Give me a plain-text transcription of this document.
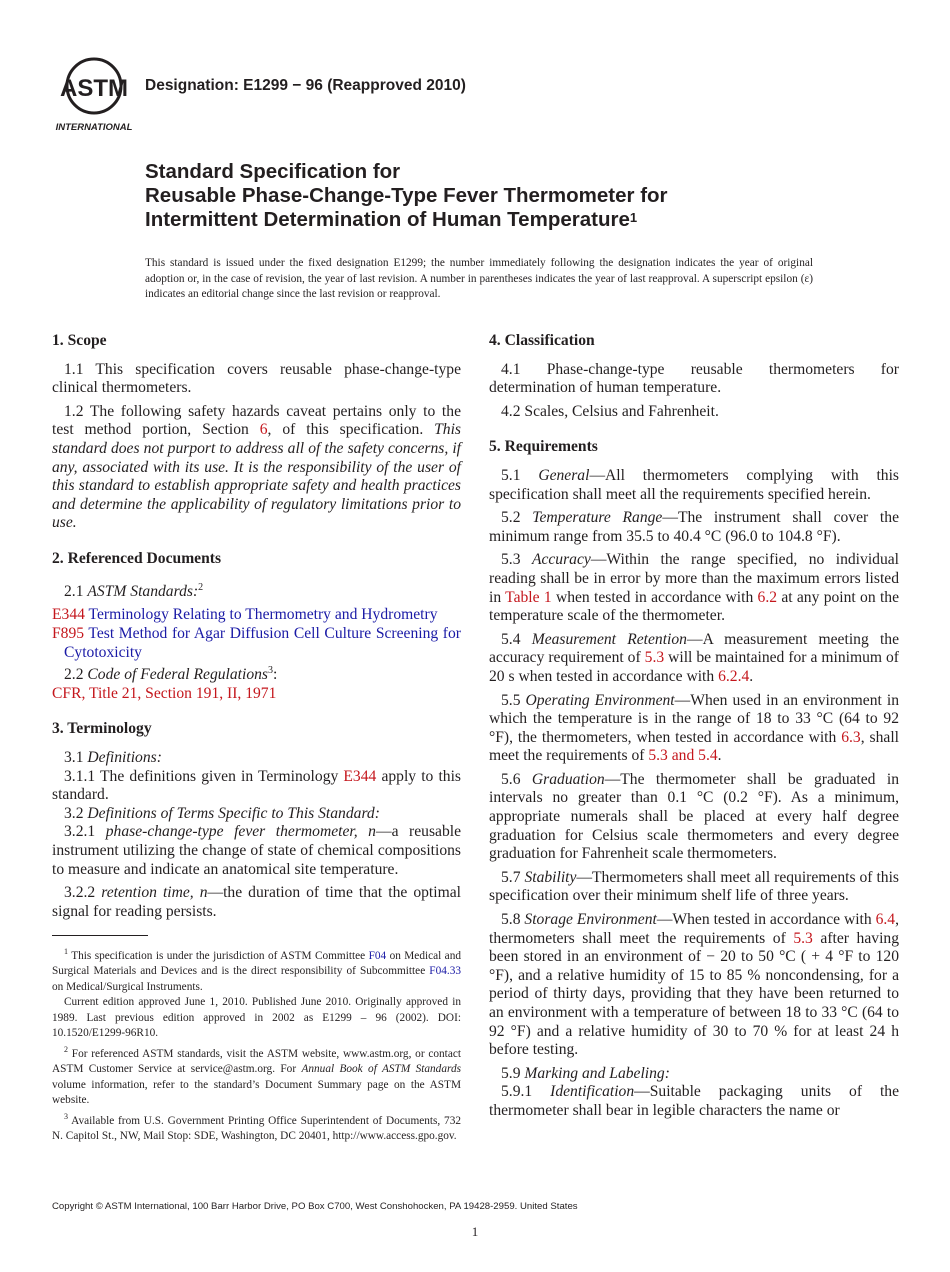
ASTM
INTERNATIONAL
Designation: E1299 − 96 (Reapproved 2010)
Standard Specification for
Reusable Phase-Change-Type Fever Thermometer for
Intermittent Determination of Human Temperature$^1$
This standard is issued under the fixed designation E1299; the number immediately following the designation indicates the year of original adoption or, in the case of revision, the year of last revision. A number in parentheses indicates the year of last reapproval. A superscript epsilon (ε) indicates an editorial change since the last revision or reapproval.
1. Scope

1.1 This specification covers reusable phase-change-type clinical thermometers.

1.2 The following safety hazards caveat pertains only to the test method portion, Section 6, of this specification. This standard does not purport to address all of the safety concerns, if any, associated with its use. It is the responsibility of the user of this standard to establish appropriate safety and health practices and determine the applicability of regulatory limitations prior to use.

2. Referenced Documents

2.1 ASTM Standards:$^2$

E344 Terminology Relating to Thermometry and Hydrometry

F895 Test Method for Agar Diffusion Cell Culture Screening for Cytotoxicity

2.2 Code of Federal Regulations$^3$:

CFR, Title 21, Section 191, II, 1971

3. Terminology

3.1 Definitions:

3.1.1 The definitions given in Terminology E344 apply to this standard.

3.2 Definitions of Terms Specific to This Standard:

3.2.1 phase-change-type fever thermometer, n—a reusable instrument utilizing the change of state of chemical compositions to measure and indicate an anatomical site temperature.

3.2.2 retention time, n—the duration of time that the optimal signal for reading persists.

$^1$ This specification is under the jurisdiction of ASTM Committee F04 on Medical and Surgical Materials and Devices and is the direct responsibility of Subcommittee F04.33 on Medical/Surgical Instruments.

Current edition approved June 1, 2010. Published June 2010. Originally approved in 1989. Last previous edition approved in 2002 as E1299 – 96 (2002). DOI: 10.1520/E1299-96R10.

$^2$ For referenced ASTM standards, visit the ASTM website, www.astm.org, or contact ASTM Customer Service at service@astm.org. For Annual Book of ASTM Standards volume information, refer to the standard’s Document Summary page on the ASTM website.

$^3$ Available from U.S. Government Printing Office Superintendent of Documents, 732 N. Capitol St., NW, Mail Stop: SDE, Washington, DC 20401, http://www.access.gpo.gov.

4. Classification

4.1 Phase-change-type reusable thermometers for determination of human temperature.

4.2 Scales, Celsius and Fahrenheit.

5. Requirements

5.1 General—All thermometers complying with this specification shall meet all the requirements specified herein.

5.2 Temperature Range—The instrument shall cover the minimum range from 35.5 to 40.4 °C (96.0 to 104.8 °F).

5.3 Accuracy—Within the range specified, no individual reading shall be in error by more than the maximum errors listed in Table 1 when tested in accordance with 6.2 at any point on the temperature scale of the thermometer.

5.4 Measurement Retention—A measurement meeting the accuracy requirement of 5.3 will be maintained for a minimum of 20 s when tested in accordance with 6.2.4.

5.5 Operating Environment—When used in an environment in which the temperature is in the range of 18 to 33 °C (64 to 92 °F), the thermometers, when tested in accordance with 6.3, shall meet the requirements of 5.3 and 5.4.

5.6 Graduation—The thermometer shall be graduated in intervals no greater than 0.1 °C (0.2 °F). As a minimum, appropriate numerals shall be placed at every half degree graduation for Celsius scale thermometers and every degree graduation for Fahrenheit scale thermometers.

5.7 Stability—Thermometers shall meet all requirements of this specification over their minimum shelf life of three years.

5.8 Storage Environment—When tested in accordance with 6.4, thermometers shall meet the requirements of 5.3 after having been stored in an environment of − 20 to 50 °C ( + 4 °F to 120 °F), and a relative humidity of 15 to 85 % noncondensing, for a period of thirty days, providing that they have been returned to an environment with a temperature of between 18 to 33 °C (64 to 92 °F) and a relative humidity of 30 to 70 % for at least 24 h before testing.

5.9 Marking and Labeling:

5.9.1 Identification—Suitable packaging units of the thermometer shall bear in legible characters the name or

Copyright © ASTM International, 100 Barr Harbor Drive, PO Box C700, West Conshohocken, PA 19428-2959. United States
1
